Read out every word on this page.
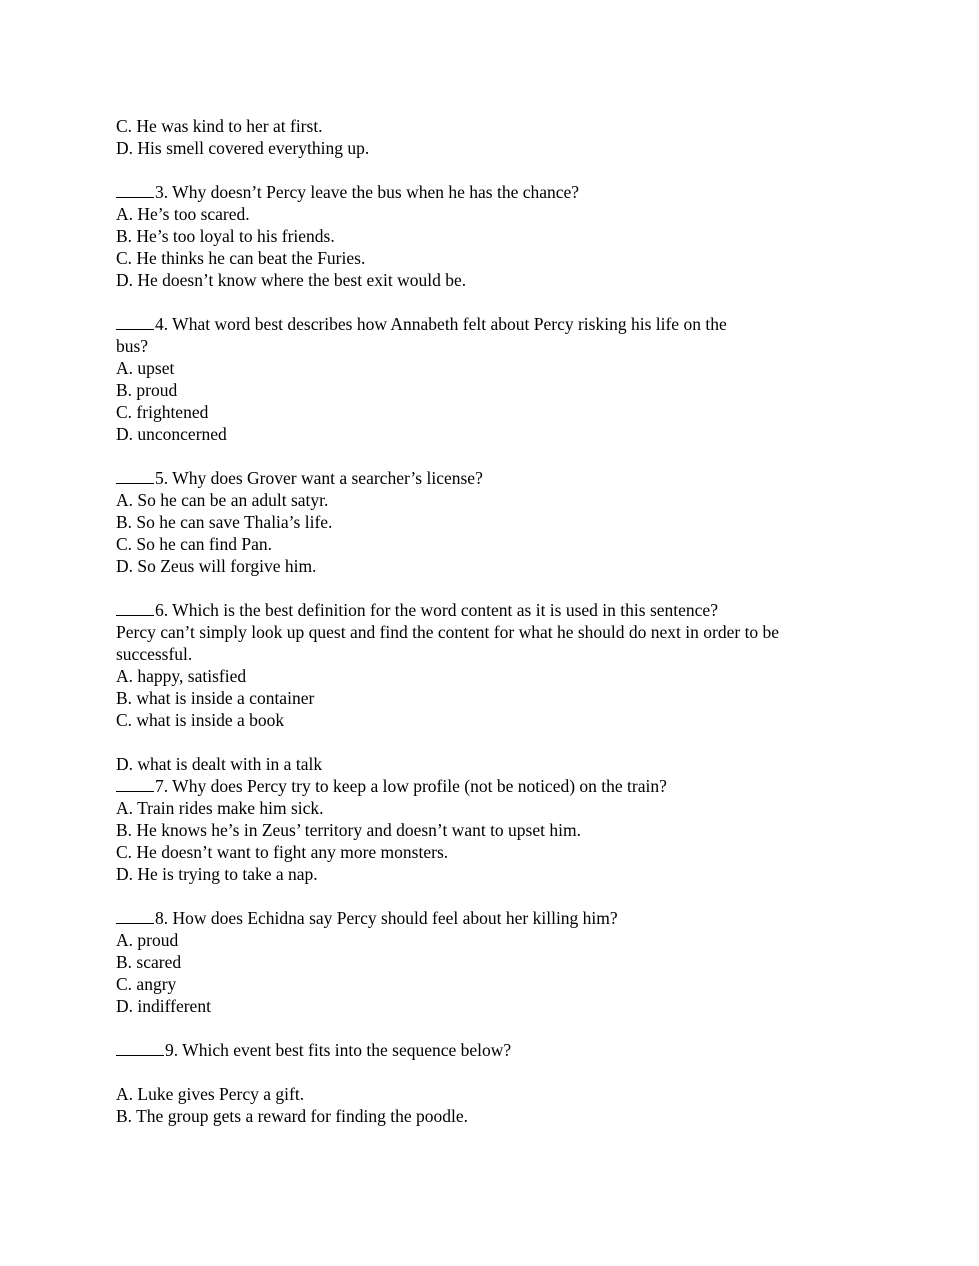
C. He was kind to her at first.
D. His smell covered everything up.
3. Why doesn’t Percy leave the bus when he has the chance?
A. He’s too scared.
B. He’s too loyal to his friends.
C. He thinks he can beat the Furies.
D. He doesn’t know where the best exit would be.
4. What word best describes how Annabeth felt about Percy risking his life on the
bus?
A. upset
B. proud
C. frightened
D. unconcerned
5. Why does Grover want a searcher’s license?
A. So he can be an adult satyr.
B. So he can save Thalia’s life.
C. So he can find Pan.
D. So Zeus will forgive him.
6. Which is the best definition for the word content as it is used in this sentence?
Percy can’t simply look up quest and find the content for what he should do next in order to be
successful.
A. happy, satisfied
B. what is inside a container
C. what is inside a book
D. what is dealt with in a talk
7. Why does Percy try to keep a low profile (not be noticed) on the train?
A. Train rides make him sick.
B. He knows he’s in Zeus’ territory and doesn’t want to upset him.
C. He doesn’t want to fight any more monsters.
D. He is trying to take a nap.
8. How does Echidna say Percy should feel about her killing him?
A. proud
B. scared
C. angry
D. indifferent
9. Which event best fits into the sequence below?
A. Luke gives Percy a gift.
B. The group gets a reward for finding the poodle.
